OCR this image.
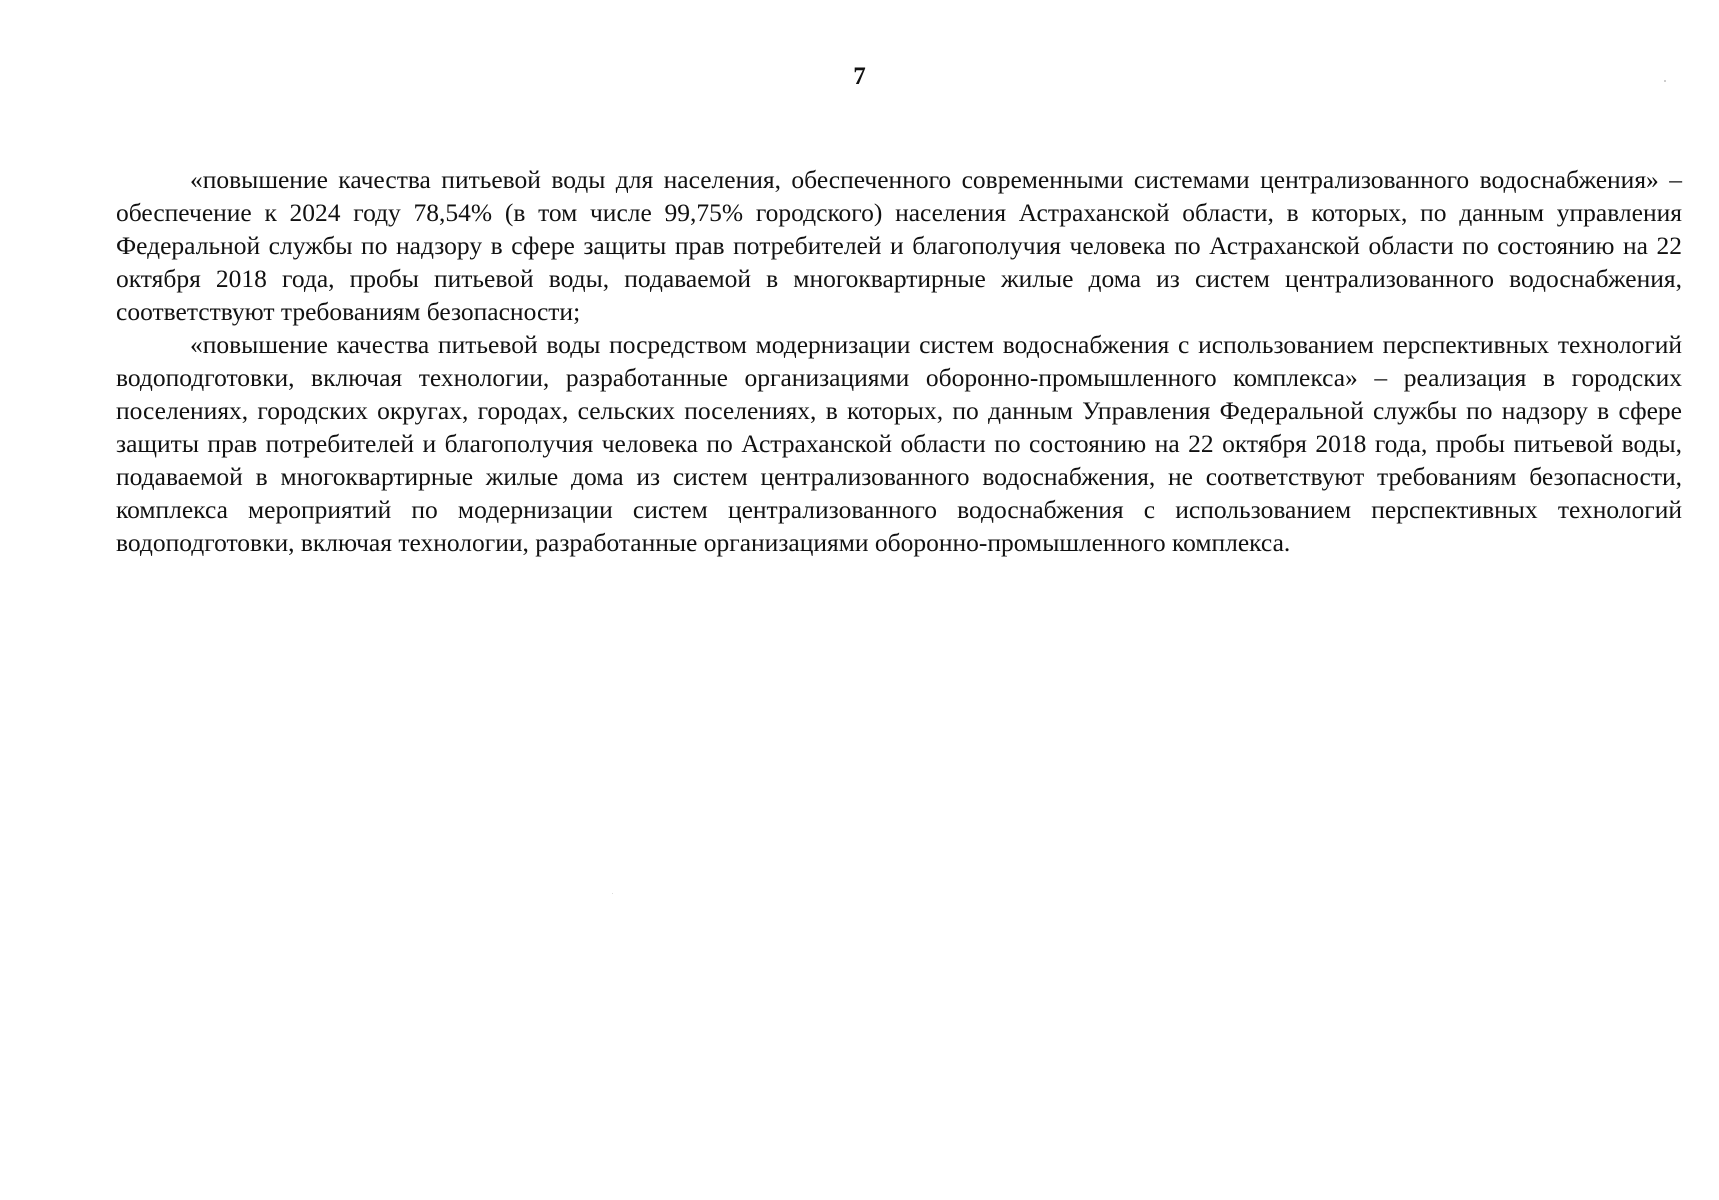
7

«повышение качества питьевой воды для населения, обеспеченного современными системами централизованного водоснабжения» – обеспечение к 2024 году 78,54% (в том числе 99,75% городского) населения Астраханской области, в которых, по данным управления Федеральной службы по надзору в сфере защиты прав потребителей и благополучия человека по Астраханской области по состоянию на 22 октября 2018 года, пробы питьевой воды, подаваемой в многоквартирные жилые дома из систем централизованного водоснабжения, соответствуют требованиям безопасности;

«повышение качества питьевой воды посредством модернизации систем водоснабжения с использованием перспективных технологий водоподготовки, включая технологии, разработанные организациями оборонно-промышленного комплекса» – реализация в городских поселениях, городских округах, городах, сельских поселениях, в которых, по данным Управления Федеральной службы по надзору в сфере защиты прав потребителей и благополучия человека по Астраханской области по состоянию на 22 октября 2018 года, пробы питьевой воды, подаваемой в многоквартирные жилые дома из систем централизованного водоснабжения, не соответствуют требованиям безопасности, комплекса мероприятий по модернизации систем централизованного водоснабжения с использованием перспективных технологий водоподготовки, включая технологии, разработанные организациями оборонно-промышленного комплекса.
